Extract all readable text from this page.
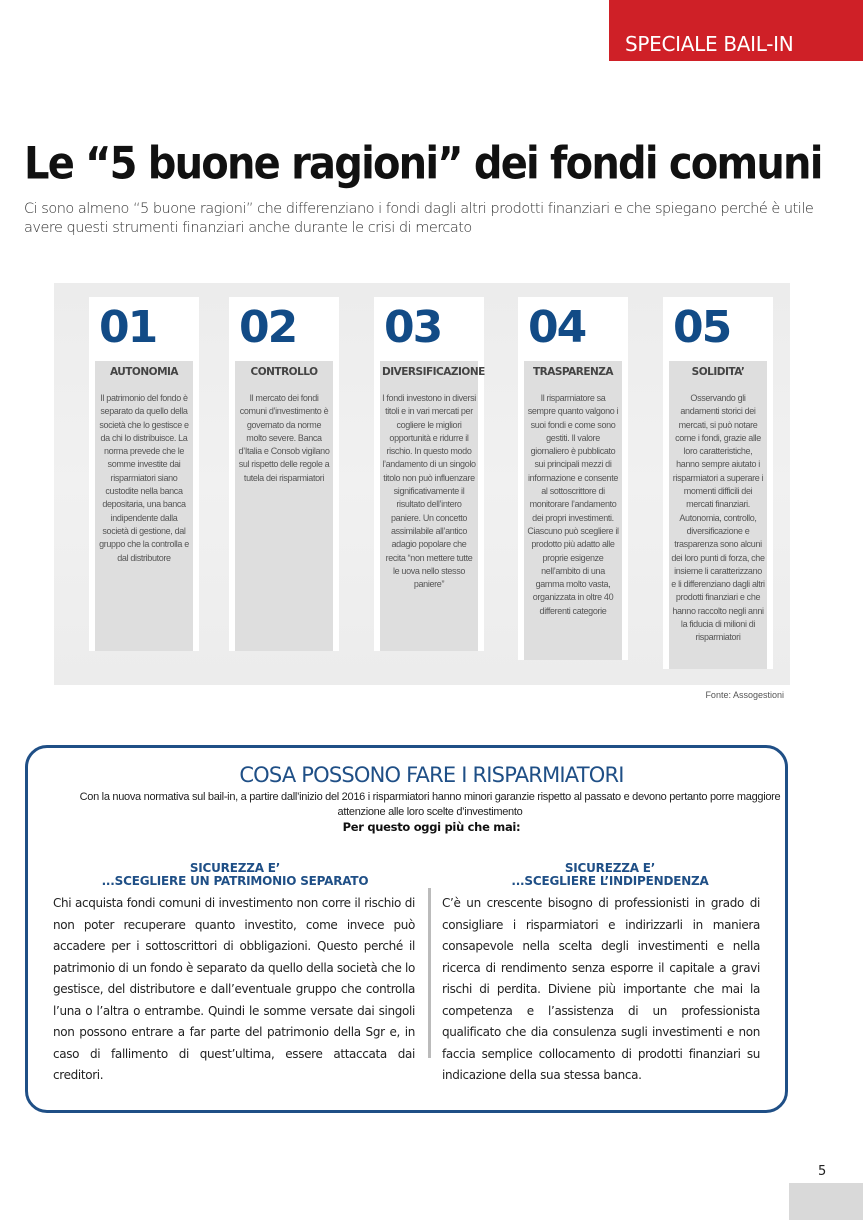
SPECIALE BAIL-IN
Le “5 buone ragioni” dei fondi comuni

Ci sono almeno “5 buone ragioni” che differenziano i fondi dagli altri prodotti finanziari e che spiegano perché è utile avere questi strumenti finanziari anche durante le crisi di mercato

01
AUTONOMIA
Il patrimonio del fondo è separato da quello della società che lo gestisce e da chi lo distribuisce. La norma prevede che le somme investite dai risparmiatori siano custodite nella banca depositaria, una banca indipendente dalla società di gestione, dal gruppo che la controlla e dal distributore
02
CONTROLLO
Il mercato dei fondi comuni d’investimento è governato da norme molto severe. Banca d’Italia e Consob vigilano sul rispetto delle regole a tutela dei risparmiatori
03
DIVERSIFICAZIONE
I fondi investono in diversi titoli e in vari mercati per cogliere le migliori opportunità e ridurre il rischio. In questo modo l’andamento di un singolo titolo non può influenzare significativamente il risultato dell’intero paniere. Un concetto assimilabile all’antico adagio popolare che recita “non mettere tutte le uova nello stesso paniere”
04
TRASPARENZA
Il risparmiatore sa sempre quanto valgono i suoi fondi e come sono gestiti. Il valore giornaliero è pubblicato sui principali mezzi di informazione e consente al sottoscrittore di monitorare l’andamento dei propri investimenti. Ciascuno può scegliere il prodotto più adatto alle proprie esigenze nell’ambito di una gamma molto vasta, organizzata in oltre 40 differenti categorie
05
SOLIDITA’
Osservando gli andamenti storici dei mercati, si può notare come i fondi, grazie alle loro caratteristiche, hanno sempre aiutato i risparmiatori a superare i momenti difficili dei mercati finanziari. Autonomia, controllo, diversificazione e trasparenza sono alcuni dei loro punti di forza, che insieme li caratterizzano e li differenziano dagli altri prodotti finanziari e che hanno raccolto negli anni la fiducia di milioni di risparmiatori
Fonte: Assogestioni
COSA POSSONO FARE I RISPARMIATORI
Con la nuova normativa sul bail-in, a partire dall’inizio del 2016 i risparmiatori hanno minori garanzie rispetto al passato e devono pertanto porre maggiore attenzione alle loro scelte d’investimento
Per questo oggi più che mai:
SICUREZZA E’
...SCEGLIERE UN PATRIMONIO SEPARATO
Chi acquista fondi comuni di investimento non corre il rischio di non poter recuperare quanto investito, come invece può accadere per i sottoscrittori di obbligazioni. Questo perché il patrimonio di un fondo è separato da quello della società che lo gestisce, del distributore e dall’eventuale gruppo che controlla l’una o l’altra o entrambe. Quindi le somme versate dai singoli non possono entrare a far parte del patrimonio della Sgr e, in caso di fallimento di quest’ultima, essere attaccata dai creditori.
SICUREZZA E’
...SCEGLIERE L’INDIPENDENZA
C’è un crescente bisogno di professionisti in grado di consigliare i risparmiatori e indirizzarli in maniera consapevole nella scelta degli investimenti e nella ricerca di rendimento senza esporre il capitale a gravi rischi di perdita. Diviene più importante che mai la competenza e l’assistenza di un professionista qualificato che dia consulenza sugli investimenti e non faccia semplice collocamento di prodotti finanziari su indicazione della sua stessa banca.
5
